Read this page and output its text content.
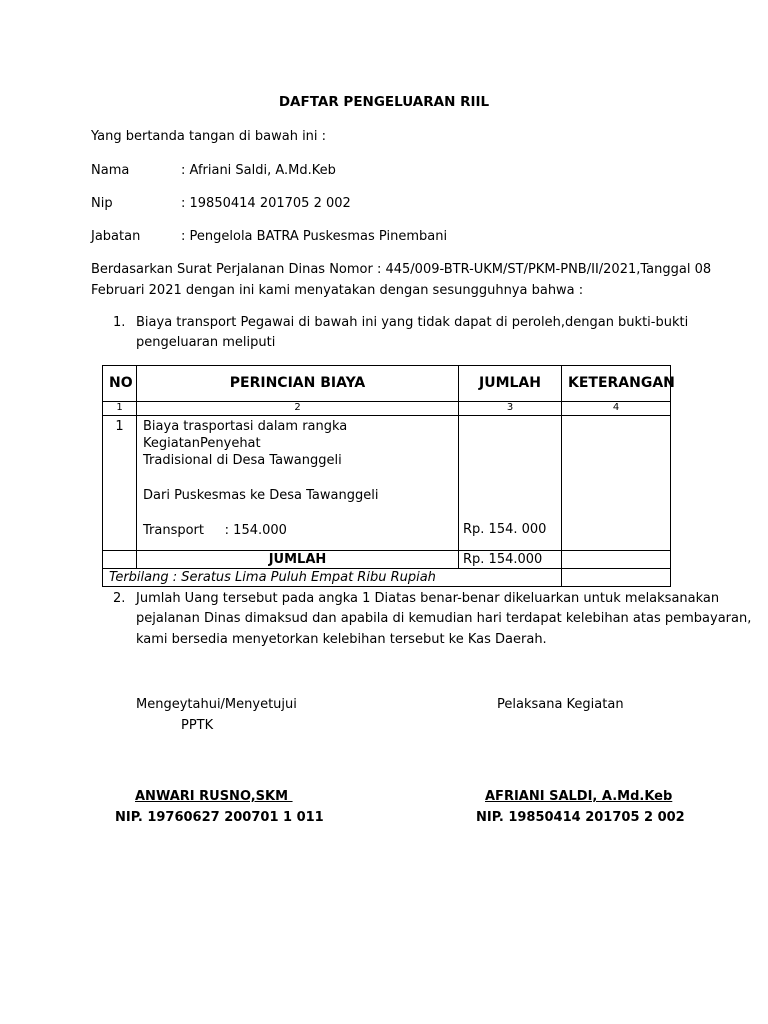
DAFTAR PENGELUARAN RIIL
Yang bertanda tangan di bawah ini :
Nama	: Afriani Saldi, A.Md.Keb
Nip	: 19850414 201705 2 002
Jabatan	: Pengelola BATRA Puskesmas Pinembani
Berdasarkan Surat Perjalanan Dinas Nomor : 445/009-BTR-UKM/ST/PKM-PNB/II/2021,Tanggal 08
Februari 2021 dengan ini kami menyatakan dengan sesungguhnya bahwa :
1. Biaya transport Pegawai di bawah ini yang tidak dapat di peroleh,dengan bukti-bukti
pengeluaran meliputi
NO	PERINCIAN BIAYA	JUMLAH	KETERANGAN
1	2	3	4
1	Biaya trasportasi dalam rangka KegiatanPenyehat
Tradisional di Desa Tawanggeli

Dari Puskesmas ke Desa Tawanggeli

Transport     : 154.000	Rp. 154. 000	

	JUMLAH	Rp. 154.000	
Terbilang : Seratus Lima Puluh Empat Ribu Rupiah			
2. Jumlah Uang tersebut pada angka 1 Diatas benar-benar dikeluarkan untuk melaksanakan
pejalanan Dinas dimaksud dan apabila di kemudian hari terdapat kelebihan atas pembayaran,
kami bersedia menyetorkan kelebihan tersebut ke Kas Daerah.
Mengeytahui/Menyetujui
PPTK
Pelaksana Kegiatan
ANWARI RUSNO,SKM
NIP. 19760627 200701 1 011
AFRIANI SALDI, A.Md.Keb
NIP. 19850414 201705 2 002
